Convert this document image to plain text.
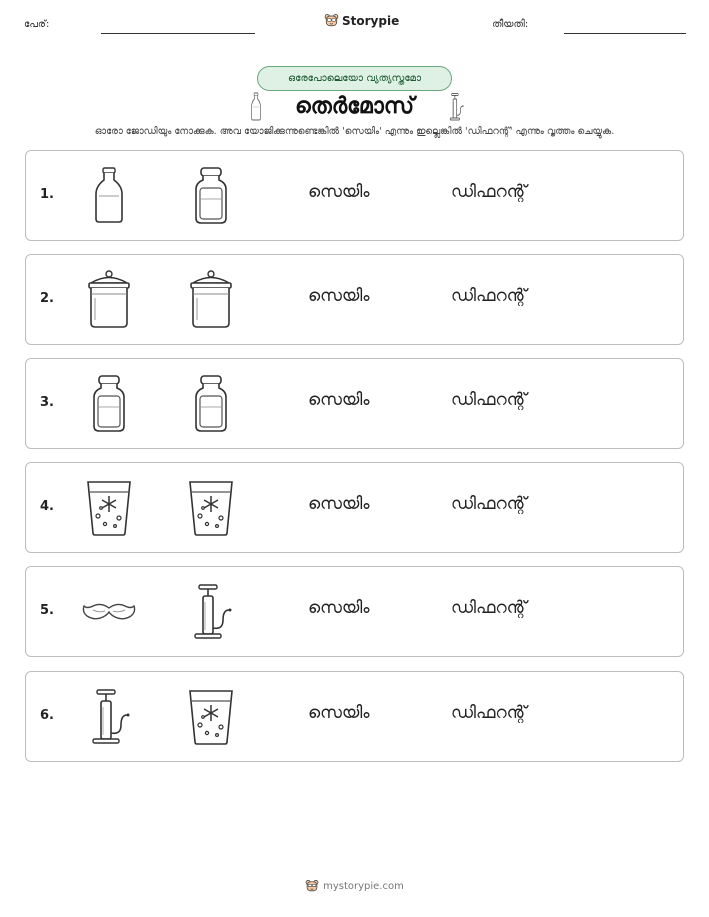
പേര്:	Storypie	തീയതി:
ഒരേപോലെയോ വ്യത്യസ്തമോ
തെർമോസ്
ഓരോ ജോഡിയും നോക്കുക. അവ യോജിക്കുന്നുണ്ടെങ്കിൽ 'സെയിം' എന്നും ഇല്ലെങ്കിൽ 'ഡിഫറന്റ്' എന്നും വൃത്തം ചെയ്യുക.
1.	സെയിം	ഡിഫറന്റ്
2.	സെയിം	ഡിഫറന്റ്
3.	സെയിം	ഡിഫറന്റ്
4.	സെയിം	ഡിഫറന്റ്
5.	സെയിം	ഡിഫറന്റ്
6.	സെയിം	ഡിഫറന്റ്
mystorypie.com
